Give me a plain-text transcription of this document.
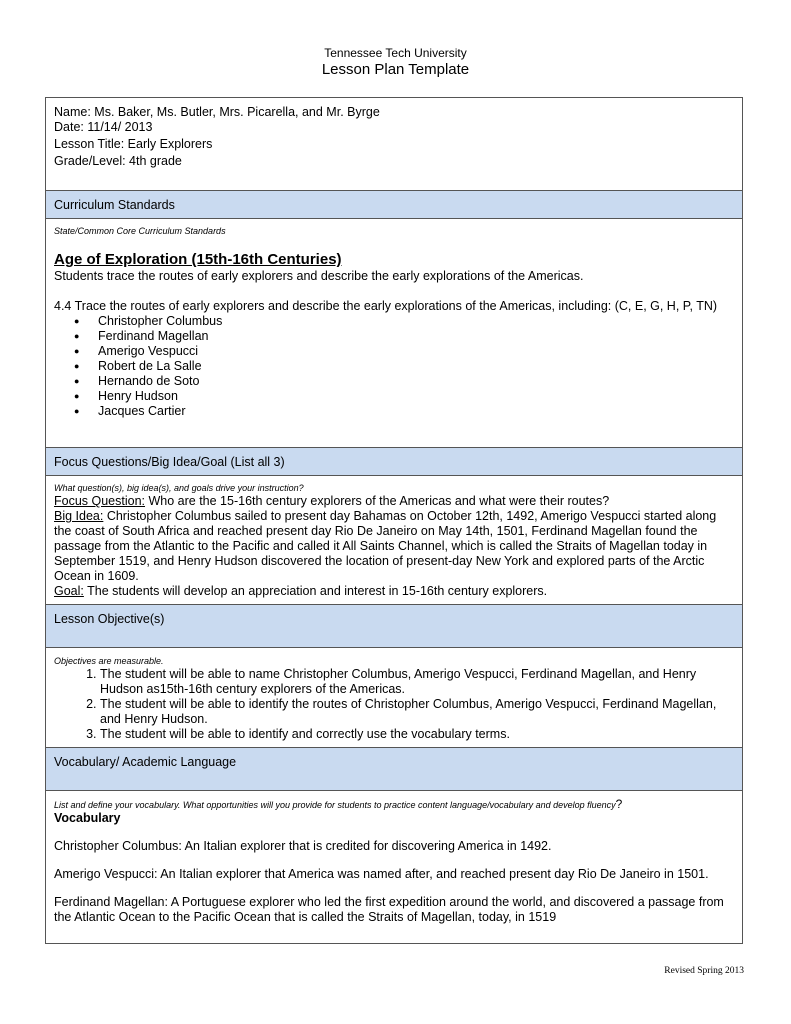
Tennessee Tech University
Lesson Plan Template
Name: Ms. Baker, Ms. Butler, Mrs. Picarella, and Mr. Byrge
Date: 11/14/ 2013
Lesson Title: Early Explorers
Grade/Level: 4th grade
Curriculum Standards
State/Common Core Curriculum Standards
Age of Exploration (15th-16th Centuries)
Students trace the routes of early explorers and describe the early explorations of the Americas.
4.4 Trace the routes of early explorers and describe the early explorations of the Americas, including: (C, E, G, H, P, TN)
● Christopher Columbus
● Ferdinand Magellan
● Amerigo Vespucci
● Robert de La Salle
● Hernando de Soto
● Henry Hudson
● Jacques Cartier
Focus Questions/Big Idea/Goal (List all 3)
What question(s), big idea(s), and goals drive your instruction?
Focus Question: Who are the 15-16th century explorers of the Americas and what were their routes?
Big Idea: Christopher Columbus sailed to present day Bahamas on October 12th, 1492, Amerigo Vespucci started along the coast of South Africa and reached present day Rio De Janeiro on May 14th, 1501, Ferdinand Magellan found the passage from the Atlantic to the Pacific and called it All Saints Channel, which is called the Straits of Magellan today in September 1519, and Henry Hudson discovered the location of present-day New York and explored parts of the Arctic Ocean in 1609.
Goal: The students will develop an appreciation and interest in 15-16th century explorers.
Lesson Objective(s)
Objectives are measurable.
1. The student will be able to name Christopher Columbus, Amerigo Vespucci, Ferdinand Magellan, and Henry Hudson as15th-16th century explorers of the Americas.
2. The student will be able to identify the routes of Christopher Columbus, Amerigo Vespucci, Ferdinand Magellan, and Henry Hudson.
3. The student will be able to identify and correctly use the vocabulary terms.
Vocabulary/ Academic Language
List and define your vocabulary. What opportunities will you provide for students to practice content language/vocabulary and develop fluency?
Vocabulary
Christopher Columbus: An Italian explorer that is credited for discovering America in 1492.
Amerigo Vespucci: An Italian explorer that America was named after, and reached present day Rio De Janeiro in 1501.
Ferdinand Magellan: A Portuguese explorer who led the first expedition around the world, and discovered a passage from the Atlantic Ocean to the Pacific Ocean that is called the Straits of Magellan, today, in 1519
Revised Spring 2013
